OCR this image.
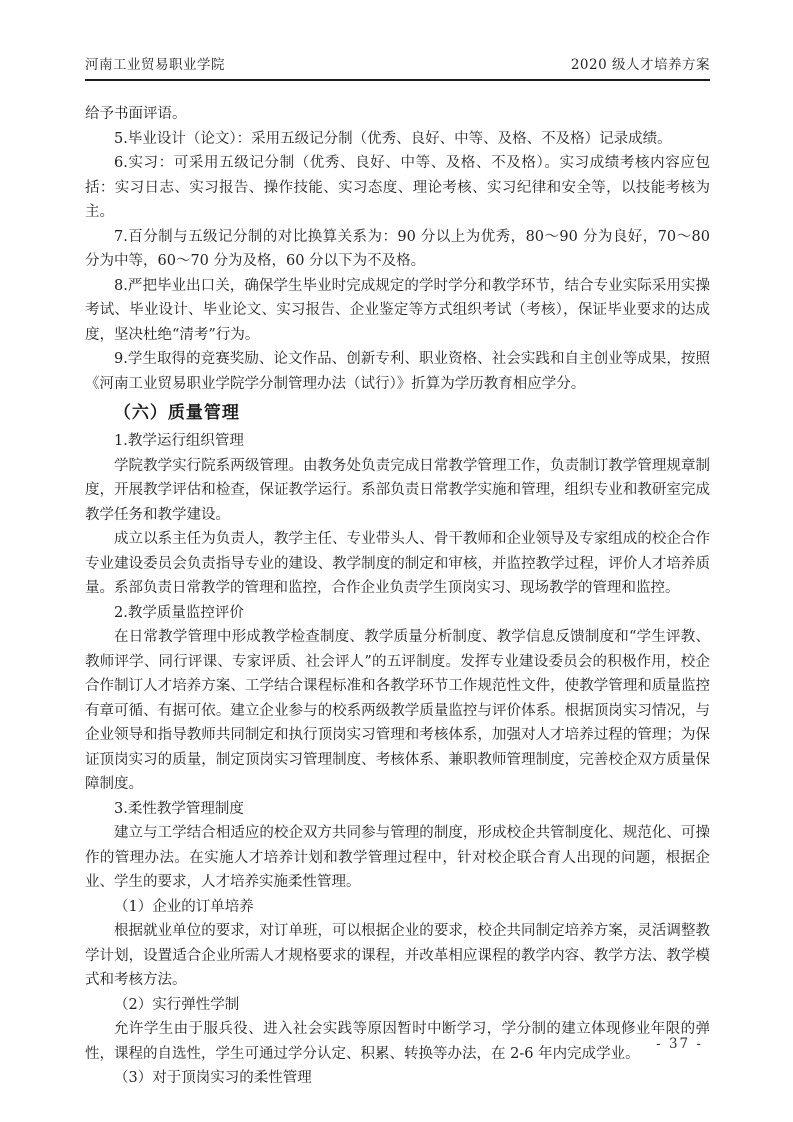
河南工业贸易职业学院	2020 级人才培养方案

给予书面评语。

5.毕业设计（论文）：采用五级记分制（优秀、良好、中等、及格、不及格）记录成绩。

6.实习：可采用五级记分制（优秀、良好、中等、及格、不及格）。实习成绩考核内容应包括：实习日志、实习报告、操作技能、实习态度、理论考核、实习纪律和安全等，以技能考核为主。

7.百分制与五级记分制的对比换算关系为：90 分以上为优秀，80～90 分为良好，70～80 分为中等，60～70 分为及格，60 分以下为不及格。

8.严把毕业出口关，确保学生毕业时完成规定的学时学分和教学环节，结合专业实际采用实操考试、毕业设计、毕业论文、实习报告、企业鉴定等方式组织考试（考核），保证毕业要求的达成度，坚决杜绝“清考”行为。

9.学生取得的竞赛奖励、论文作品、创新专利、职业资格、社会实践和自主创业等成果，按照《河南工业贸易职业学院学分制管理办法（试行）》折算为学历教育相应学分。

（六）质量管理

1.教学运行组织管理

学院教学实行院系两级管理。由教务处负责完成日常教学管理工作，负责制订教学管理规章制度，开展教学评估和检查，保证教学运行。系部负责日常教学实施和管理，组织专业和教研室完成教学任务和教学建设。

成立以系主任为负责人，教学主任、专业带头人、骨干教师和企业领导及专家组成的校企合作专业建设委员会负责指导专业的建设、教学制度的制定和审核，并监控教学过程，评价人才培养质量。系部负责日常教学的管理和监控，合作企业负责学生顶岗实习、现场教学的管理和监控。

2.教学质量监控评价

在日常教学管理中形成教学检查制度、教学质量分析制度、教学信息反馈制度和“学生评教、教师评学、同行评课、专家评质、社会评人”的五评制度。发挥专业建设委员会的积极作用，校企合作制订人才培养方案、工学结合课程标准和各教学环节工作规范性文件，使教学管理和质量监控有章可循、有据可依。建立企业参与的校系两级教学质量监控与评价体系。根据顶岗实习情况，与企业领导和指导教师共同制定和执行顶岗实习管理和考核体系，加强对人才培养过程的管理；为保证顶岗实习的质量，制定顶岗实习管理制度、考核体系、兼职教师管理制度，完善校企双方质量保障制度。

3.柔性教学管理制度

建立与工学结合相适应的校企双方共同参与管理的制度，形成校企共管制度化、规范化、可操作的管理办法。在实施人才培养计划和教学管理过程中，针对校企联合育人出现的问题，根据企业、学生的要求，人才培养实施柔性管理。

（1）企业的订单培养

根据就业单位的要求，对订单班，可以根据企业的要求，校企共同制定培养方案，灵活调整教学计划，设置适合企业所需人才规格要求的课程，并改革相应课程的教学内容、教学方法、教学模式和考核方法。

（2）实行弹性学制

允许学生由于服兵役、进入社会实践等原因暂时中断学习，学分制的建立体现修业年限的弹性，课程的自选性，学生可通过学分认定、积累、转换等办法，在 2-6 年内完成学业。

（3）对于顶岗实习的柔性管理

- 37 -
